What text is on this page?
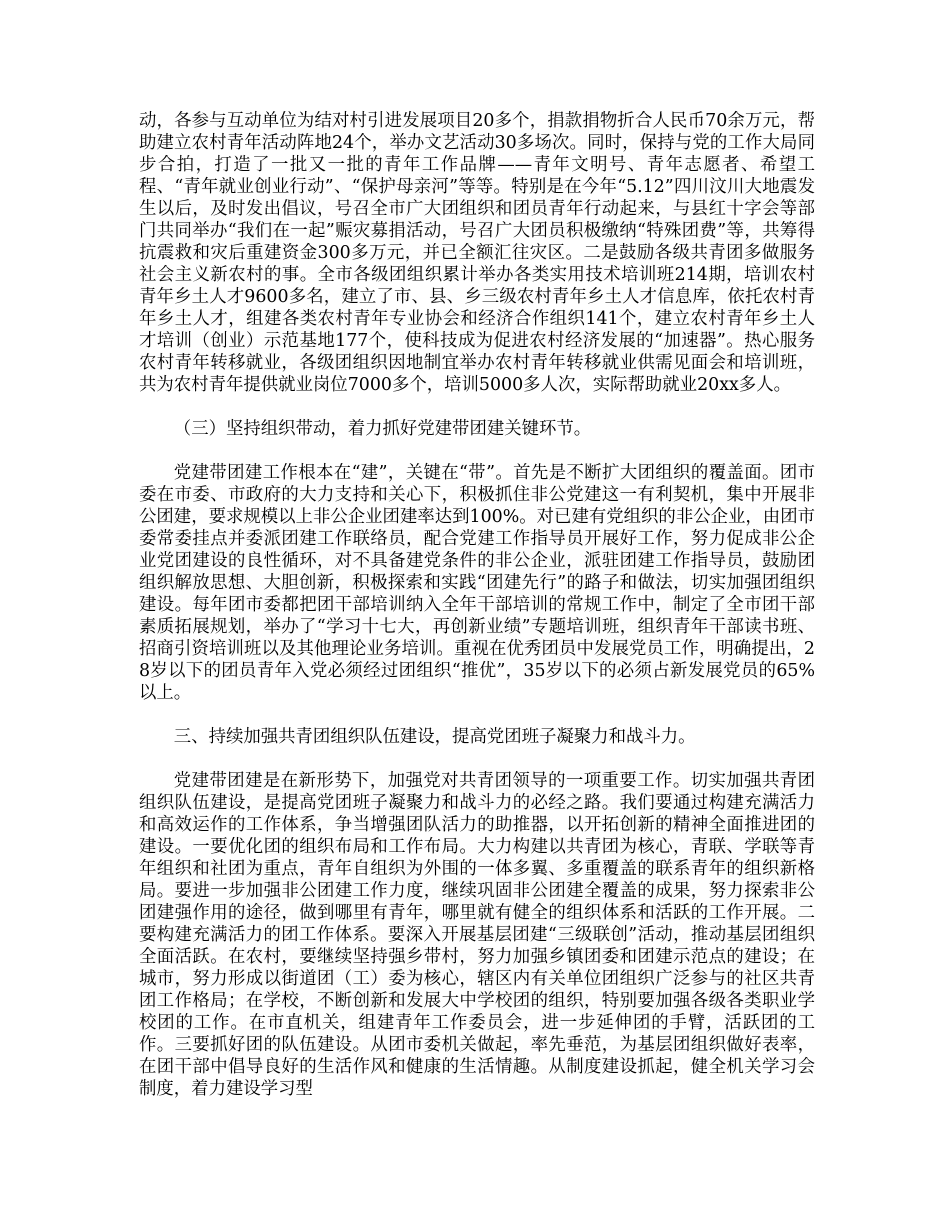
动，各参与互动单位为结对村引进发展项目20多个，捐款捐物折合人民币70余万元，帮助建立农村青年活动阵地24个，举办文艺活动30多场次。同时，保持与党的工作大局同步合拍，打造了一批又一批的青年工作品牌——青年文明号、青年志愿者、希望工程、“青年就业创业行动”、“保护母亲河”等等。特别是在今年“5.12”四川汶川大地震发生以后，及时发出倡议，号召全市广大团组织和团员青年行动起来，与县红十字会等部门共同举办“我们在一起”赈灾募捐活动，号召广大团员积极缴纳“特殊团费”等，共筹得抗震救和灾后重建资金300多万元，并已全额汇往灾区。二是鼓励各级共青团多做服务社会主义新农村的事。全市各级团组织累计举办各类实用技术培训班214期，培训农村青年乡土人才9600多名，建立了市、县、乡三级农村青年乡土人才信息库，依托农村青年乡土人才，组建各类农村青年专业协会和经济合作组织141个，建立农村青年乡土人才培训（创业）示范基地177个，使科技成为促进农村经济发展的“加速器”。热心服务农村青年转移就业，各级团组织因地制宜举办农村青年转移就业供需见面会和培训班，共为农村青年提供就业岗位7000多个，培训5000多人次，实际帮助就业20xx多人。

（三）坚持组织带动，着力抓好党建带团建关键环节。

党建带团建工作根本在“建”，关键在“带”。首先是不断扩大团组织的覆盖面。团市委在市委、市政府的大力支持和关心下，积极抓住非公党建这一有利契机，集中开展非公团建，要求规模以上非公企业团建率达到100%。对已建有党组织的非公企业，由团市委常委挂点并委派团建工作联络员，配合党建工作指导员开展好工作，努力促成非公企业党团建设的良性循环，对不具备建党条件的非公企业，派驻团建工作指导员，鼓励团组织解放思想、大胆创新，积极探索和实践“团建先行”的路子和做法，切实加强团组织建设。每年团市委都把团干部培训纳入全年干部培训的常规工作中，制定了全市团干部素质拓展规划，举办了“学习十七大，再创新业绩”专题培训班，组织青年干部读书班、招商引资培训班以及其他理论业务培训。重视在优秀团员中发展党员工作，明确提出，28岁以下的团员青年入党必须经过团组织“推优”，35岁以下的必须占新发展党员的65%以上。

三、持续加强共青团组织队伍建设，提高党团班子凝聚力和战斗力。

党建带团建是在新形势下，加强党对共青团领导的一项重要工作。切实加强共青团组织队伍建设，是提高党团班子凝聚力和战斗力的必经之路。我们要通过构建充满活力和高效运作的工作体系，争当增强团队活力的助推器，以开拓创新的精神全面推进团的建设。一要优化团的组织布局和工作布局。大力构建以共青团为核心，青联、学联等青年组织和社团为重点，青年自组织为外围的一体多翼、多重覆盖的联系青年的组织新格局。要进一步加强非公团建工作力度，继续巩固非公团建全覆盖的成果，努力探索非公团建强作用的途径，做到哪里有青年，哪里就有健全的组织体系和活跃的工作开展。二要构建充满活力的团工作体系。要深入开展基层团建“三级联创”活动，推动基层团组织全面活跃。在农村，要继续坚持强乡带村，努力加强乡镇团委和团建示范点的建设；在城市，努力形成以街道团（工）委为核心，辖区内有关单位团组织广泛参与的社区共青团工作格局；在学校，不断创新和发展大中学校团的组织，特别要加强各级各类职业学校团的工作。在市直机关，组建青年工作委员会，进一步延伸团的手臂，活跃团的工作。三要抓好团的队伍建设。从团市委机关做起，率先垂范，为基层团组织做好表率，在团干部中倡导良好的生活作风和健康的生活情趣。从制度建设抓起，健全机关学习会制度，着力建设学习型
